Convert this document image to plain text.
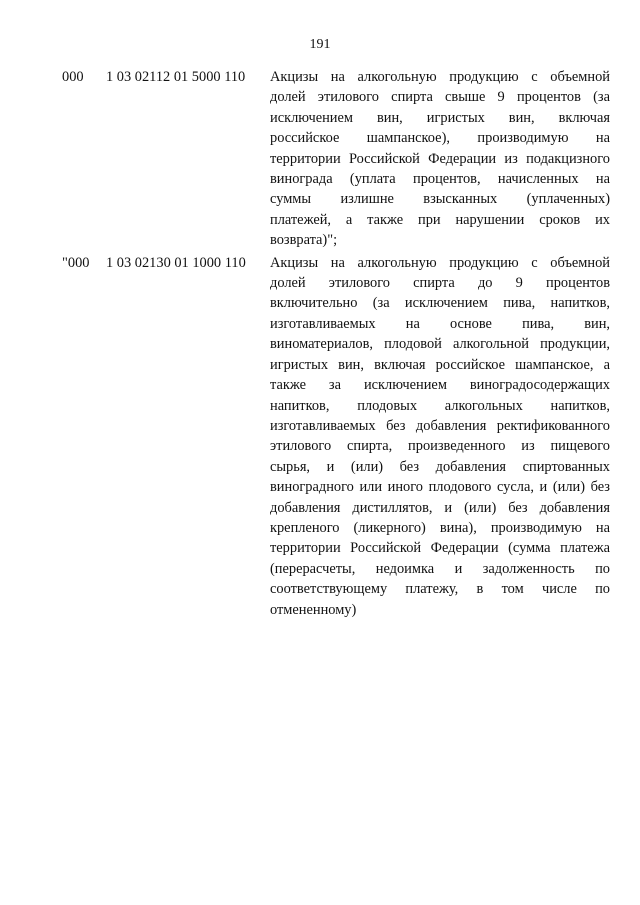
191
000	1 03 02112 01 5000 110	Акцизы на алкогольную продукцию с объемной
долей этилового спирта свыше 9 процентов (за
исключением вин, игристых вин, включая
российское шампанское), производимую на
территории Российской Федерации из подакцизного
винограда (уплата процентов, начисленных на
суммы излишне взысканных (уплаченных)
платежей, а также при нарушении сроков их
возврата)";
"000	1 03 02130 01 1000 110	Акцизы на алкогольную продукцию с объемной
долей этилового спирта до 9 процентов
включительно (за исключением пива, напитков,
изготавливаемых на основе пива, вин,
виноматериалов, плодовой алкогольной продукции,
игристых вин, включая российское шампанское, а
также за исключением виноградосодержащих
напитков, плодовых алкогольных напитков,
изготавливаемых без добавления ректификованного
этилового спирта, произведенного из пищевого
сырья, и (или) без добавления спиртованных
виноградного или иного плодового сусла, и (или) без
добавления дистиллятов, и (или) без добавления
крепленого (ликерного) вина), производимую на
территории Российской Федерации (сумма платежа
(перерасчеты, недоимка и задолженность по
соответствующему платежу, в том числе по
отмененному)
